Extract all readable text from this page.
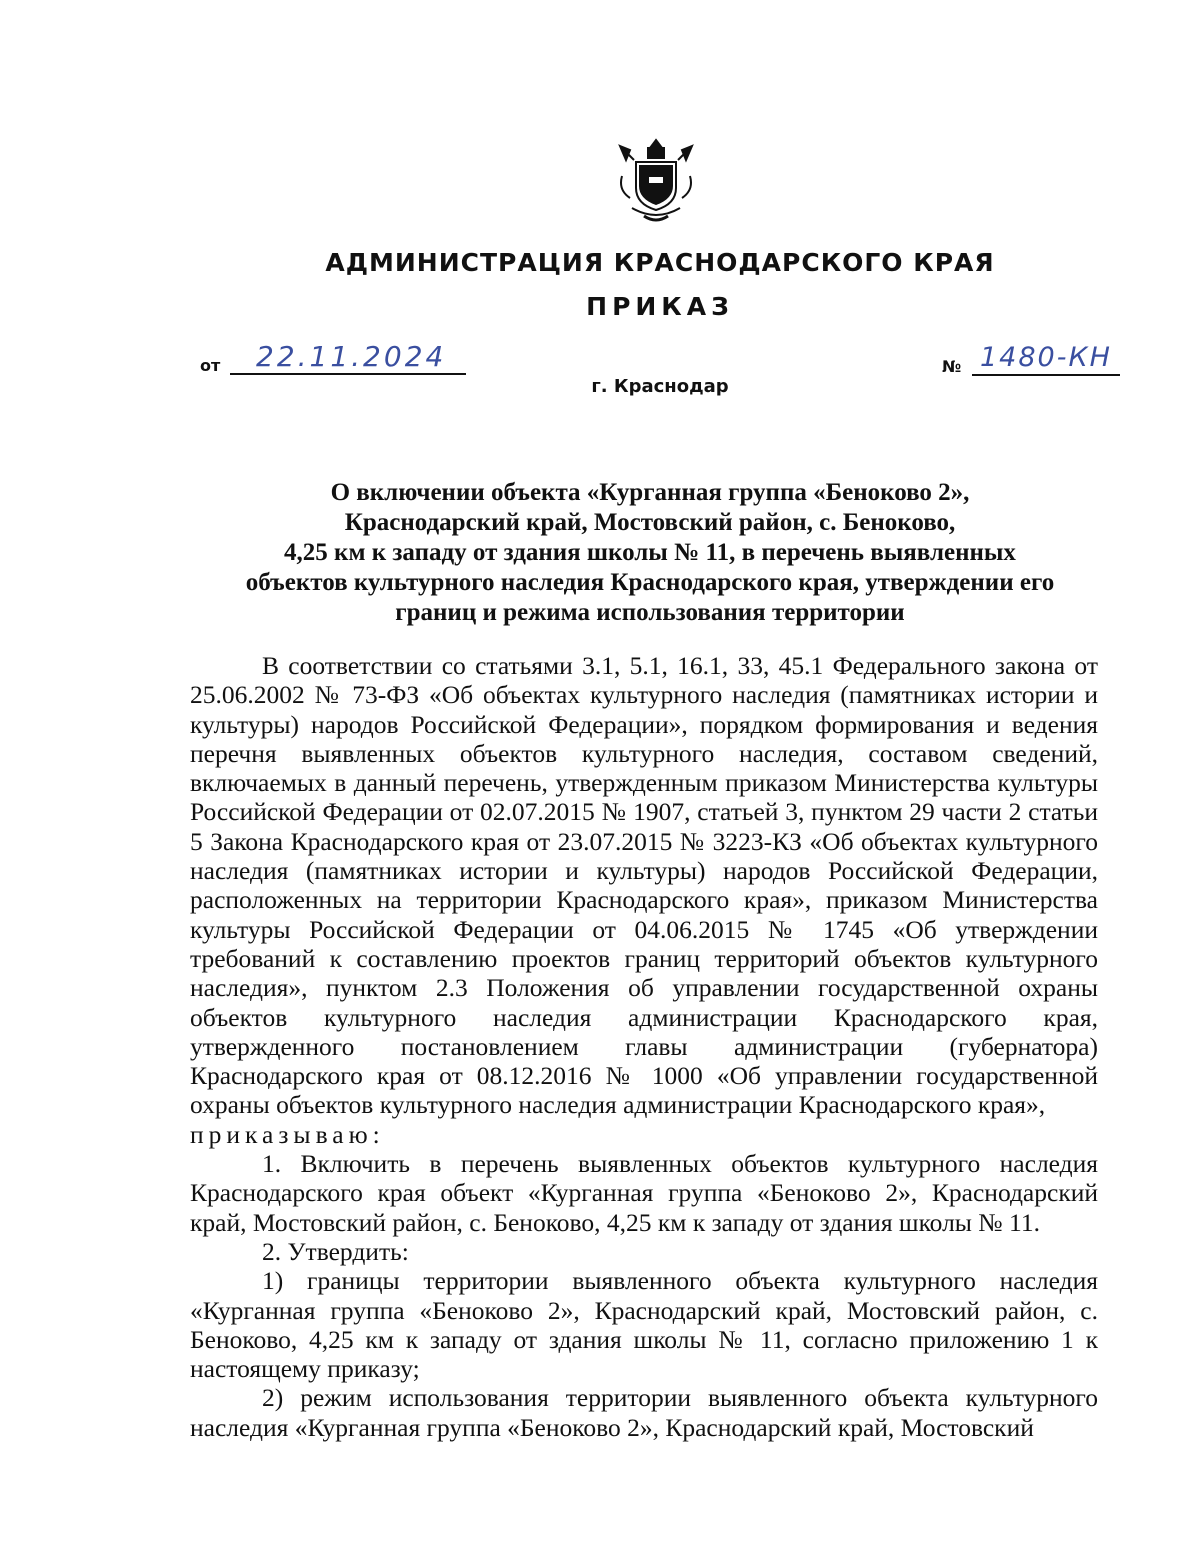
АДМИНИСТРАЦИЯ КРАСНОДАРСКОГО КРАЯ
ПРИКАЗ
от 22.11.2024	№ 1480-КН
г. Краснодар
О включении объекта «Курганная группа «Беноково 2»,
Краснодарский край, Мостовский район, с. Беноково,
4,25 км к западу от здания школы № 11, в перечень выявленных
объектов культурного наследия Краснодарского края, утверждении его
границ и режима использования территории

В соответствии со статьями 3.1, 5.1, 16.1, 33, 45.1 Федерального закона от 25.06.2002 № 73-ФЗ «Об объектах культурного наследия (памятниках истории и культуры) народов Российской Федерации», порядком формирования и ведения перечня выявленных объектов культурного наследия, составом сведений, включаемых в данный перечень, утвержденным приказом Министерства культуры Российской Федерации от 02.07.2015 № 1907, статьей 3, пунктом 29 части 2 статьи 5 Закона Краснодарского края от 23.07.2015 № 3223-КЗ «Об объектах культурного наследия (памятниках истории и культуры) народов Российской Федерации, расположенных на территории Краснодарского края», приказом Министерства культуры Российской Федерации от 04.06.2015 № 1745 «Об утверждении требований к составлению проектов границ территорий объектов культурного наследия», пунктом 2.3 Положения об управлении государственной охраны объектов культурного наследия администрации Краснодарского края, утвержденного постановлением главы администрации (губернатора) Краснодарского края от 08.12.2016 № 1000 «Об управлении государственной охраны объектов культурного наследия администрации Краснодарского края»,

приказываю:

1. Включить в перечень выявленных объектов культурного наследия Краснодарского края объект «Курганная группа «Беноково 2», Краснодарский край, Мостовский район, с. Беноково, 4,25 км к западу от здания школы № 11.

2. Утвердить:

1) границы территории выявленного объекта культурного наследия «Курганная группа «Беноково 2», Краснодарский край, Мостовский район, с. Беноково, 4,25 км к западу от здания школы № 11, согласно приложению 1 к настоящему приказу;

2) режим использования территории выявленного объекта культурного наследия «Курганная группа «Беноково 2», Краснодарский край, Мостовский
